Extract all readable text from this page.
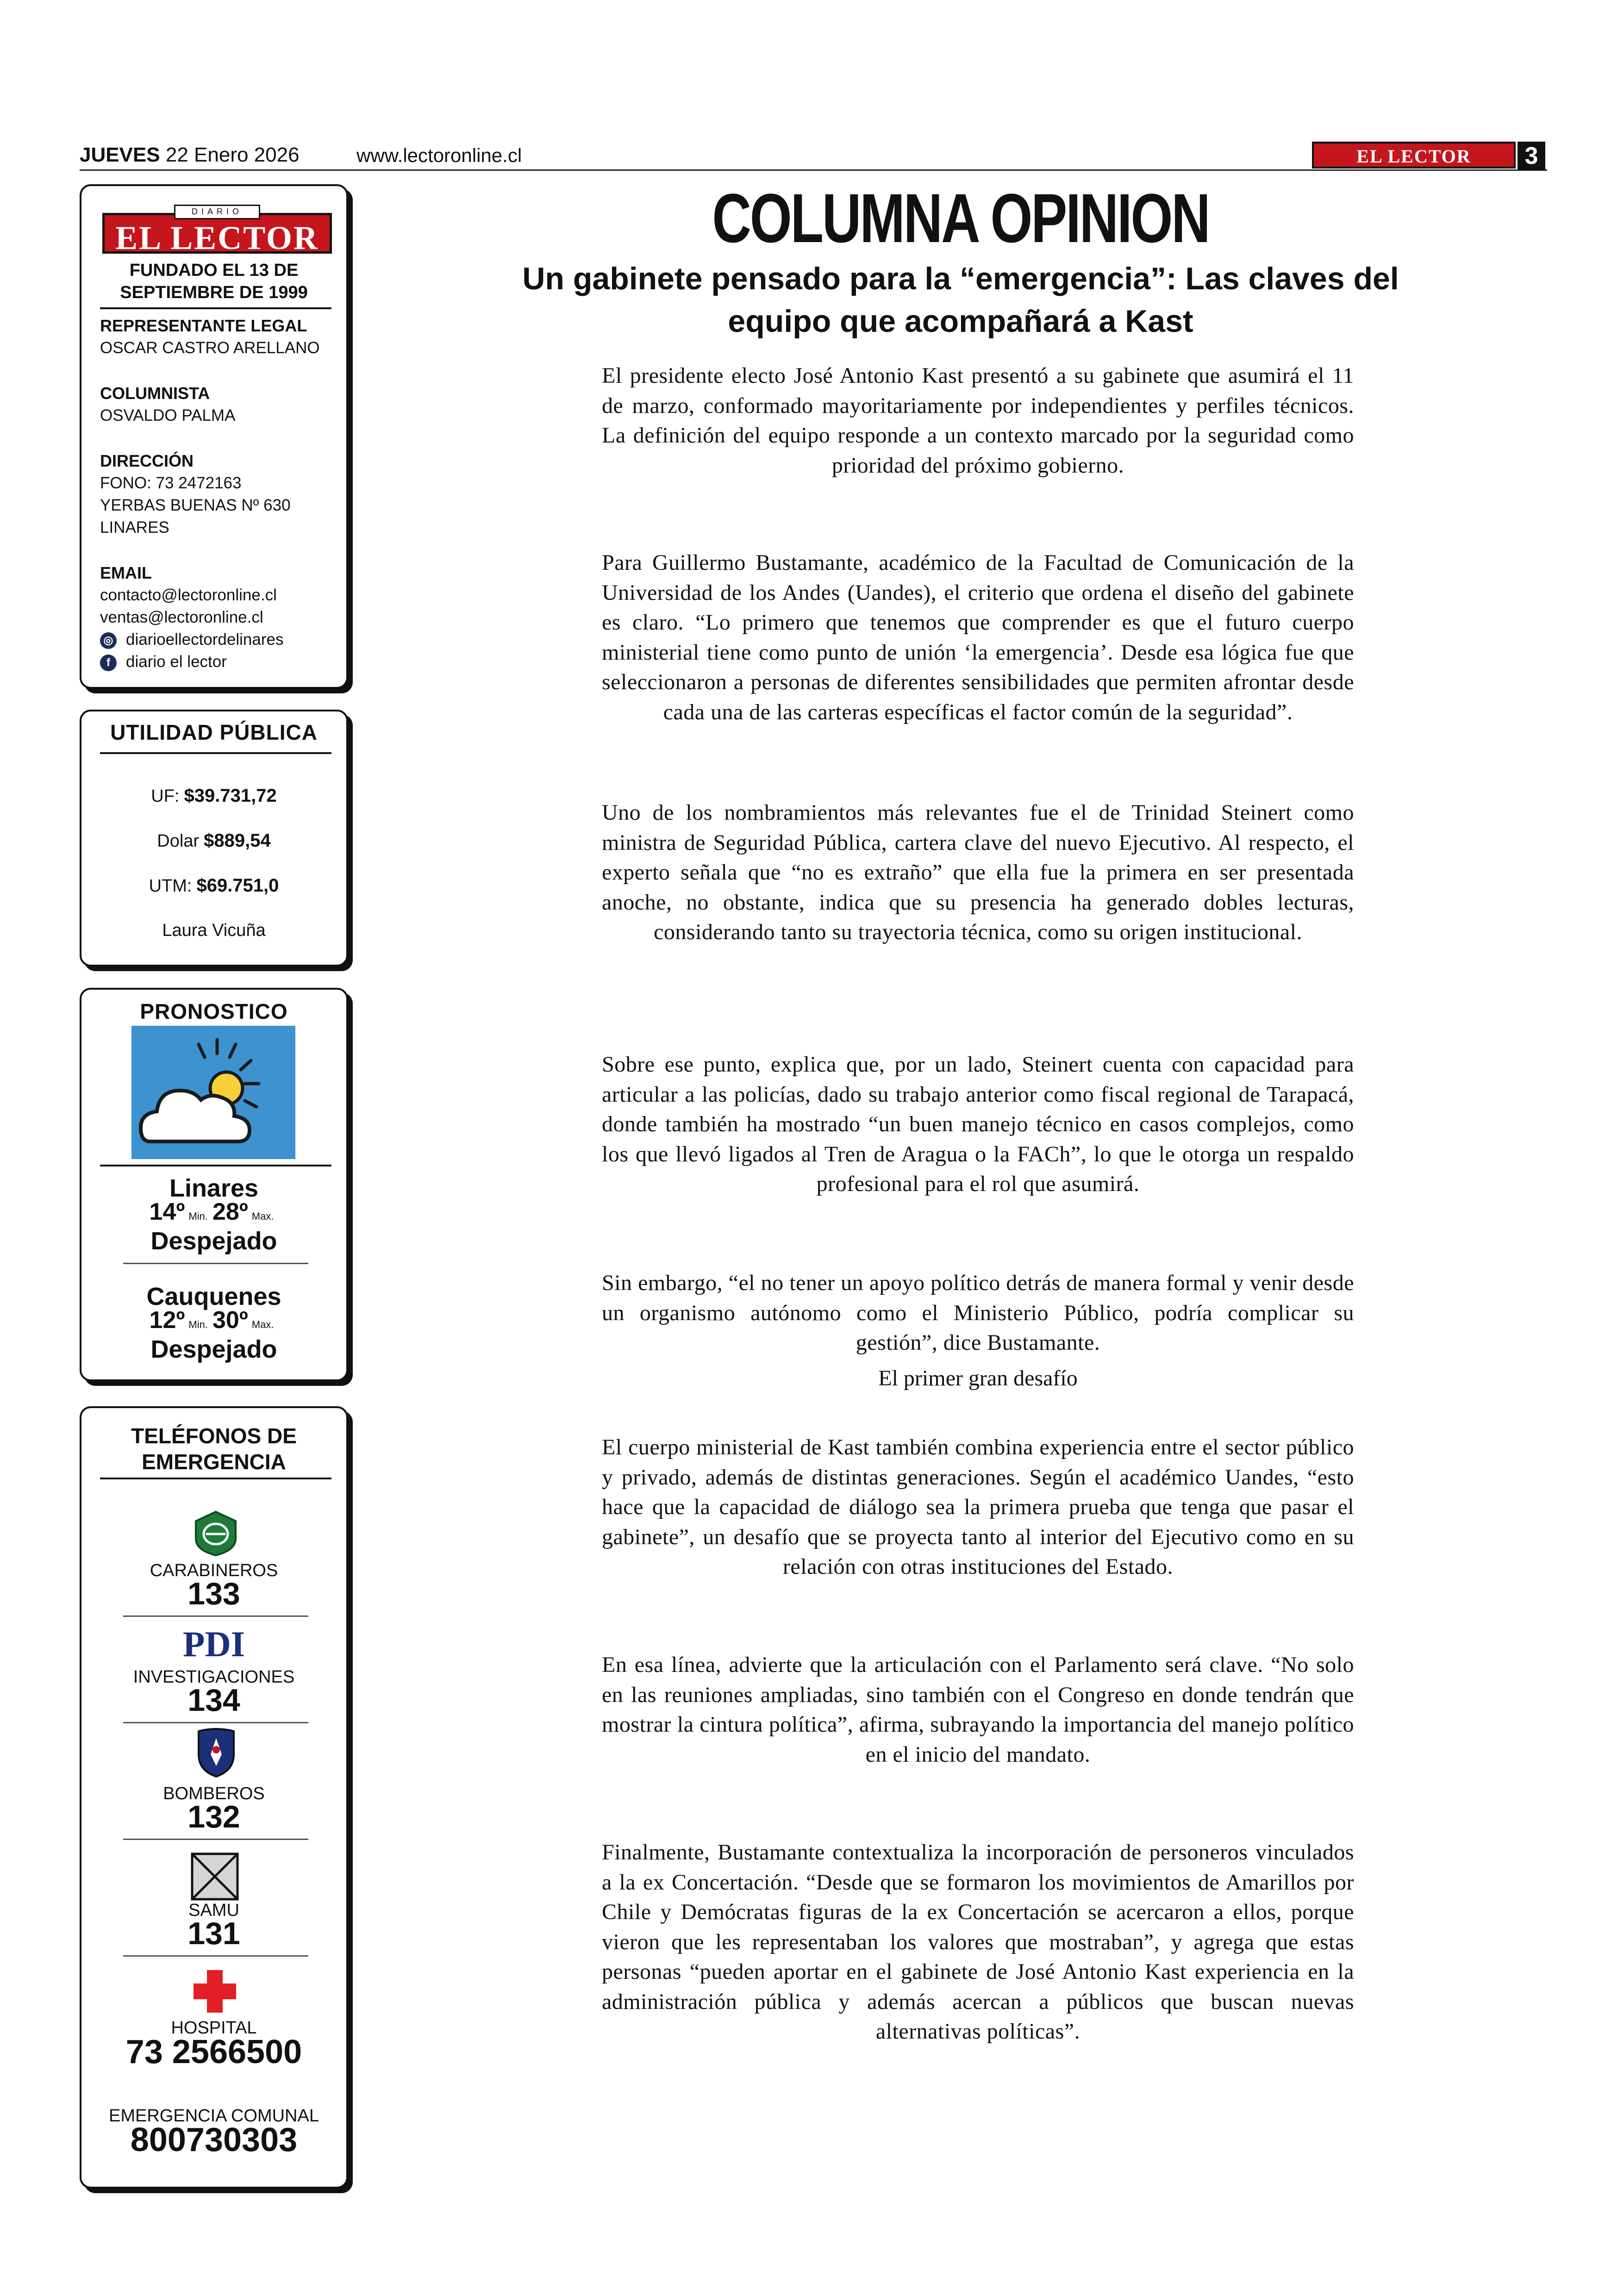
JUEVES 22 Enero 2026	www.lectoronline.cl	EL LECTOR	3
EL LECTOR
DIARIO
FUNDADO EL 13 DE
SEPTIEMBRE DE 1999
REPRESENTANTE LEGAL
OSCAR CASTRO ARELLANO
COLUMNISTA
OSVALDO PALMA
DIRECCIÓN
FONO: 73 2472163
YERBAS BUENAS Nº 630
LINARES
EMAIL
contacto@lectoronline.cl
ventas@lectoronline.cl
◎ diarioellectordelinares
f diario el lector
UTILIDAD PÚBLICA
UF: $39.731,72
Dolar $889,54
UTM: $69.751,0
Laura Vicuña
PRONOSTICO
Linares
14º Min. 28º Max.
Despejado
Cauquenes
12º Min. 30º Max.
Despejado
TELÉFONOS DE
EMERGENCIA
CARABINEROS
133
PDI
INVESTIGACIONES
134
BOMBEROS
132
SAMU
131
HOSPITAL
73 2566500
EMERGENCIA COMUNAL
800730303
COLUMNA OPINION
Un gabinete pensado para la “emergencia”: Las claves del
equipo que acompañará a Kast
El presidente electo José Antonio Kast presentó a su gabinete que asumirá el 11 de marzo, conformado mayoritariamente por independientes y perfiles técnicos. La definición del equipo responde a un contexto marcado por la seguridad como prioridad del próximo gobierno.
Para Guillermo Bustamante, académico de la Facultad de Comunicación de la Universidad de los Andes (Uandes), el criterio que ordena el diseño del gabinete es claro. “Lo primero que tenemos que comprender es que el futuro cuerpo ministerial tiene como punto de unión ‘la emergencia’. Desde esa lógica fue que seleccionaron a personas de diferentes sensibilidades que permiten afrontar desde cada una de las carteras específicas el factor común de la seguridad”.
Uno de los nombramientos más relevantes fue el de Trinidad Steinert como ministra de Seguridad Pública, cartera clave del nuevo Ejecutivo. Al respecto, el experto señala que “no es extraño” que ella fue la primera en ser presentada anoche, no obstante, indica que su presencia ha generado dobles lecturas, considerando tanto su trayectoria técnica, como su origen institucional.
Sobre ese punto, explica que, por un lado, Steinert cuenta con capacidad para articular a las policías, dado su trabajo anterior como fiscal regional de Tarapacá, donde también ha mostrado “un buen manejo técnico en casos complejos, como los que llevó ligados al Tren de Aragua o la FACh”, lo que le otorga un respaldo profesional para el rol que asumirá.
Sin embargo, “el no tener un apoyo político detrás de manera formal y venir desde un organismo autónomo como el Ministerio Público, podría complicar su gestión”, dice Bustamante.
El primer gran desafío
El cuerpo ministerial de Kast también combina experiencia entre el sector público y privado, además de distintas generaciones. Según el académico Uandes, “esto hace que la capacidad de diálogo sea la primera prueba que tenga que pasar el gabinete”, un desafío que se proyecta tanto al interior del Ejecutivo como en su relación con otras instituciones del Estado.
En esa línea, advierte que la articulación con el Parlamento será clave. “No solo en las reuniones ampliadas, sino también con el Congreso en donde tendrán que mostrar la cintura política”, afirma, subrayando la importancia del manejo político en el inicio del mandato.
Finalmente, Bustamante contextualiza la incorporación de personeros vinculados a la ex Concertación. “Desde que se formaron los movimientos de Amarillos por Chile y Demócratas figuras de la ex Concertación se acercaron a ellos, porque vieron que les representaban los valores que mostraban”, y agrega que estas personas “pueden aportar en el gabinete de José Antonio Kast experiencia en la administración pública y además acercan a públicos que buscan nuevas alternativas políticas”.
